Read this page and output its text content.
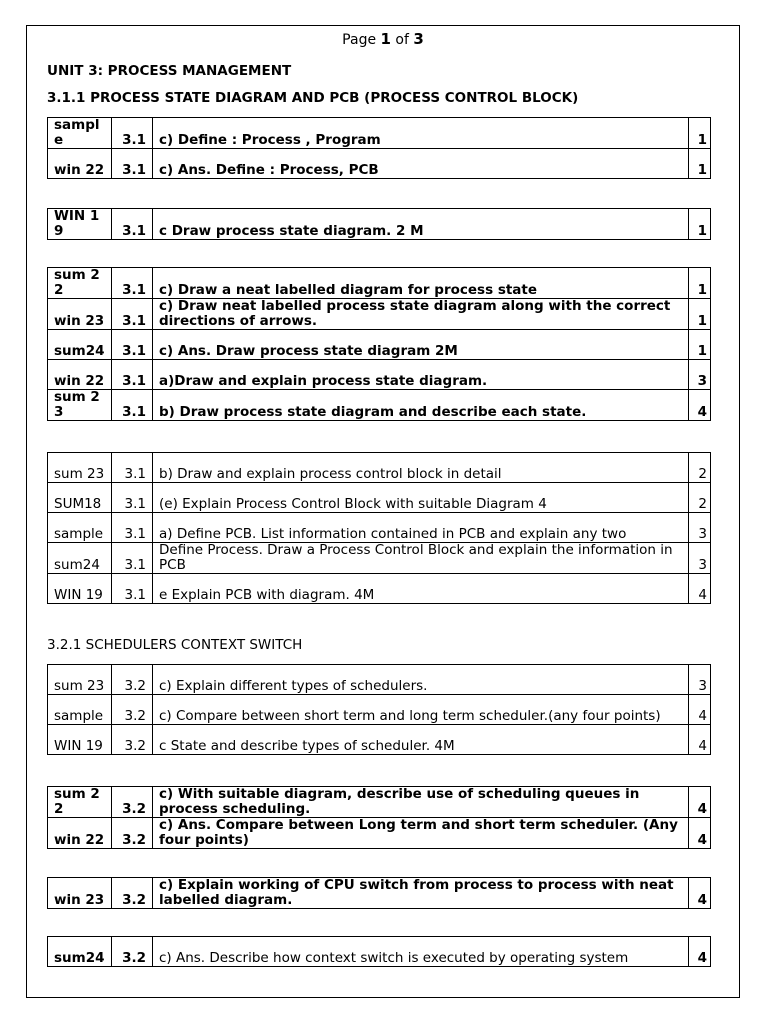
Page 1 of 3
UNIT 3: PROCESS MANAGEMENT
3.1.1 PROCESS STATE DIAGRAM AND PCB (PROCESS CONTROL BLOCK)
sample	3.1	c) Define : Process , Program	1
win 22	3.1	c) Ans. Define : Process, PCB	1
WIN 19	3.1	c Draw process state diagram. 2 M	1
sum 22	3.1	c) Draw a neat labelled diagram for process state	1
win 23	3.1	c) Draw neat labelled process state diagram along with the correct directions of arrows.	1
sum24	3.1	c) Ans. Draw process state diagram 2M	1
win 22	3.1	a)Draw and explain process state diagram.	3
sum 23	3.1	b) Draw process state diagram and describe each state.	4
sum 23	3.1	b) Draw and explain process control block in detail	2
SUM18	3.1	(e) Explain Process Control Block with suitable Diagram 4	2
sample	3.1	a) Define PCB. List information contained in PCB and explain any two	3
sum24	3.1	Define Process. Draw a Process Control Block and explain the information in PCB	3
WIN 19	3.1	e Explain PCB with diagram. 4M	4
3.2.1 SCHEDULERS CONTEXT SWITCH
sum 23	3.2	c) Explain different types of schedulers.	3
sample	3.2	c) Compare between short term and long term scheduler.(any four points)	4
WIN 19	3.2	c State and describe types of scheduler. 4M	4
sum 22	3.2	c) With suitable diagram, describe use of scheduling queues in process scheduling.	4
win 22	3.2	c) Ans. Compare between Long term and short term scheduler. (Any four points)	4
win 23	3.2	c) Explain working of CPU switch from process to process with neat labelled diagram.	4
sum24	3.2	c) Ans. Describe how context switch is executed by operating system	4
